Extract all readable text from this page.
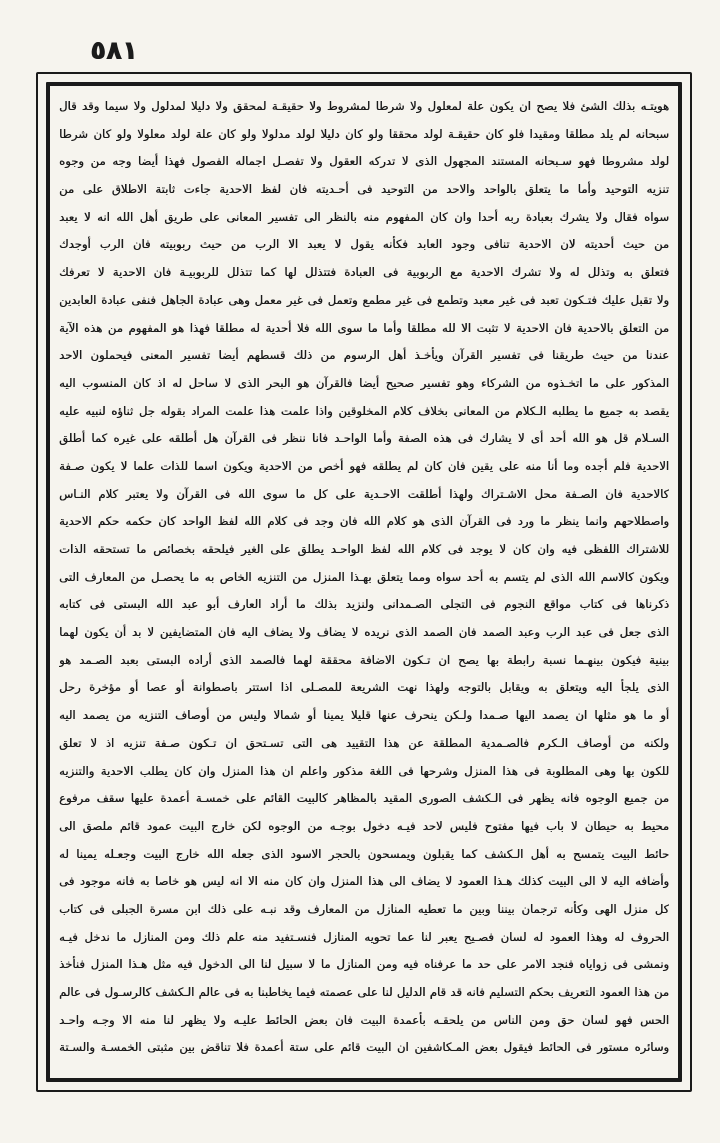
٥٨١
هويتـه بذلك الشئ فلا يصح ان يكون علة لمعلول ولا شرطا لمشروط ولا حقيقـة لمحقق ولا دليلا لمدلول ولا سيما وقد قال
سبحانه لم يلد مطلقا ومقيدا فلو كان حقيقـة لولد محققا ولو كان دليلا لولد مدلولا ولو كان علة لولد معلولا ولو كان شرطا
لولد مشروطا فهو سـبحانه المستند المجهول الذى لا تدركه العقول ولا تفصـل اجماله الفصول فهذا أيضا وجه من وجوه
تنزيه التوحيد وأما ما يتعلق بالواحد والاحد من التوحيد فى أحـديته فان لفظ الاحدية جاءت ثابتة الاطلاق على من
سواه فقال ولا يشرك بعبادة ربه أحدا وان كان المفهوم منه بالنظر الى تفسير المعانى على طريق أهل الله انه لا يعبد
من حيث أحديته لان الاحدية تنافى وجود العابد فكأنه يقول لا يعبد الا الرب من حيث ربوبيته فان الرب أوجدك
فتعلق به وتذلل له ولا تشرك الاحدية مع الربوبية فى العبادة فتتذلل لها كما تتذلل للربوبيـة فان الاحدية لا تعرفك
ولا تقبل عليك فتـكون تعبد فى غير معبد وتطمع فى غير مطمع وتعمل فى غير معمل وهى عبادة الجاهل فنفى عبادة العابدين
من التعلق بالاحدية فان الاحدية لا تثبت الا لله مطلقا وأما ما سوى الله فلا أحدية له مطلقا فهذا هو المفهوم من هذه الآية
عندنا من حيث طريقنا فى تفسير القرآن ويأخـذ أهل الرسوم من ذلك قسطهم أيضا تفسير المعنى فيحملون الاحد
المذكور على ما اتخـذوه من الشركاء وهو تفسير صحيح أيضا فالقرآن هو البحر الذى لا ساحل له اذ كان المنسوب اليه
يقصد به جميع ما يطلبه الـكلام من المعانى بخلاف كلام المخلوقين واذا علمت هذا علمت المراد بقوله جل ثناؤه لنبيه عليه
السـلام قل هو الله أحد أى لا يشارك فى هذه الصفة وأما الواحـد فانا ننظر فى القرآن هل أطلقه على غيره كما أطلق
الاحدية فلم أجده وما أنا منه على يقين فان كان لم يطلقه فهو أخص من الاحدية ويكون اسما للذات علما لا يكون صـفة
كالاحدية فان الصـفة محل الاشـتراك ولهذا أطلقت الاحـدية على كل ما سوى الله فى القرآن ولا يعتبر كلام النـاس
واصطلاحهم وانما ينظر ما ورد فى القرآن الذى هو كلام الله فان وجد فى كلام الله لفظ الواحد كان حكمه حكم الاحدية
للاشتراك اللفظى فيه وان كان لا يوجد فى كلام الله لفظ الواحـد يطلق على الغير فيلحقه بخصائص ما تستحقه الذات
ويكون كالاسم الله الذى لم يتسم به أحد سواه ومما يتعلق بهـذا المنزل من التنزيه الخاص به ما يحصـل من المعارف التى
ذكرناها فى كتاب مواقع النجوم فى التجلى الصـمدانى ولنزيد بذلك ما أراد العارف أبو عبد الله البستى فى كتابه
الذى جعل فى عبد الرب وعبد الصمد فان الصمد الذى نريده لا يضاف ولا يضاف اليه فان المتضايفين لا بد أن يكون لهما
بينية فيكون بينهـما نسبة رابطة بها يصح ان تـكون الاضافة محققة لهما فالصمد الذى أراده البستى بعبد الصـمد هو
الذى يلجأ اليه ويتعلق به ويقابل بالتوجه ولهذا نهت الشريعة للمصـلى اذا استتر باصطوانة أو عصا أو مؤخرة رحل
أو ما هو مثلها ان يصمد اليها صـمدا ولـكن ينحرف عنها قليلا يمينا أو شمالا وليس من أوصاف التنزيه من يصمد اليه
ولكنه من أوصاف الـكرم فالصـمدية المطلقة عن هذا التقييد هى التى تسـتحق ان تـكون صـفة تنزيه اذ لا تعلق
للكون بها وهى المطلوبة فى هذا المنزل وشرحها فى اللغة مذكور واعلم ان هذا المنزل وان كان يطلب الاحدية والتنزيه
من جميع الوجوه فانه يظهر فى الـكشف الصورى المقيد بالمظاهر كالبيت القائم على خمسـة أعمدة عليها سقف مرفوع
محيط به حيطان لا باب فيها مفتوح فليس لاحد فيـه دخول بوجـه من الوجوه لكن خارج البيت عمود قائم ملصق الى
حائط البيت يتمسح به أهل الـكشف كما يقبلون ويمسحون بالحجر الاسود الذى جعله الله خارج البيت وجعـله يمينا له
وأضافه اليه لا الى البيت كذلك هـذا العمود لا يضاف الى هذا المنزل وان كان منه الا انه ليس هو خاصا به فانه موجود فى
كل منزل الهى وكأنه ترجمان بيننا وبين ما تعطيه المنازل من المعارف وقد نبـه على ذلك ابن مسرة الجبلى فى كتاب
الحروف له وهذا العمود له لسان فصـيح يعبر لنا عما تحويه المنازل فنسـتفيد منه علم ذلك ومن المنازل ما ندخل فيـه
ونمشى فى زواياه فنجد الامر على حد ما عرفناه فيه ومن المنازل ما لا سبيل لنا الى الدخول فيه مثل هـذا المنزل فنأخذ
من هذا العمود التعريف بحكم التسليم فانه قد قام الدليل لنا على عصمته فيما يخاطبنا به فى عالم الـكشف كالرسـول فى عالم
الحس فهو لسان حق ومن الناس من يلحقـه بأعمدة البيت فان بعض الحائط عليـه ولا يظهر لنا منه الا وجـه واحـد
وسائره مستور فى الحائط فيقول بعض المـكاشفين ان البيت قائم على ستة أعمدة فلا تناقض بين مثبتى الخمسـة والسـتة
